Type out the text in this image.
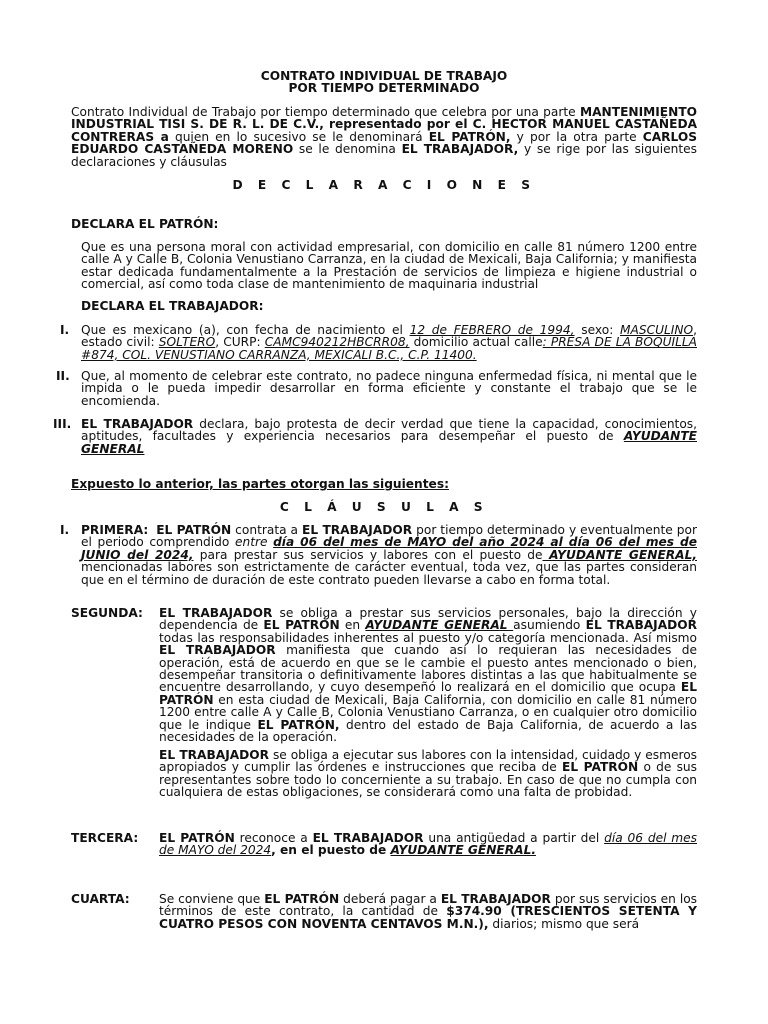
CONTRATO INDIVIDUAL DE TRABAJO
POR TIEMPO DETERMINADO
Contrato Individual de Trabajo por tiempo determinado que celebra por una parte MANTENIMIENTO INDUSTRIAL TISI S. DE R. L. DE C.V., representado por el C. HECTOR MANUEL CASTAÑEDA CONTRERAS a quien en lo sucesivo se le denominará EL PATRÓN, y por la otra parte CARLOS EDUARDO CASTAÑEDA MORENO se le denomina EL TRABAJADOR, y se rige por las siguientes declaraciones y cláusulas
D E C L A R A C I O N E S
DECLARA EL PATRÓN:
Que es una persona moral con actividad empresarial, con domicilio en calle 81 número 1200 entre calle A y Calle B, Colonia Venustiano Carranza, en la ciudad de Mexicali, Baja California; y manifiesta estar dedicada fundamentalmente a la Prestación de servicios de limpieza e higiene industrial o comercial, así como toda clase de mantenimiento de maquinaria industrial
DECLARA EL TRABAJADOR:
I. Que es mexicano (a), con fecha de nacimiento el 12 de FEBRERO de 1994, sexo: MASCULINO, estado civil: SOLTERO, CURP: CAMC940212HBCRR08, domicilio actual calle: PRESA DE LA BOQUILLA #874, COL. VENUSTIANO CARRANZA, MEXICALI B.C., C.P. 11400.
II. Que, al momento de celebrar este contrato, no padece ninguna enfermedad física, ni mental que le impida o le pueda impedir desarrollar en forma eficiente y constante el trabajo que se le encomienda.
III. EL TRABAJADOR declara, bajo protesta de decir verdad que tiene la capacidad, conocimientos, aptitudes, facultades y experiencia necesarios para desempeñar el puesto de AYUDANTE GENERAL
Expuesto lo anterior, las partes otorgan las siguientes:
C L Á U S U L A S
I. PRIMERA: EL PATRÓN contrata a EL TRABAJADOR por tiempo determinado y eventualmente por el periodo comprendido entre día 06 del mes de MAYO del año 2024 al día 06 del mes de JUNIO del 2024, para prestar sus servicios y labores con el puesto de AYUDANTE GENERAL, mencionadas labores son estrictamente de carácter eventual, toda vez, que las partes consideran que en el término de duración de este contrato pueden llevarse a cabo en forma total.
SEGUNDA: EL TRABAJADOR se obliga a prestar sus servicios personales, bajo la dirección y dependencia de EL PATRÓN en AYUDANTE GENERAL asumiendo EL TRABAJADOR todas las responsabilidades inherentes al puesto y/o categoría mencionada. Así mismo EL TRABAJADOR manifiesta que cuando así lo requieran las necesidades de operación, está de acuerdo en que se le cambie el puesto antes mencionado o bien, desempeñar transitoria o definitivamente labores distintas a las que habitualmente se encuentre desarrollando, y cuyo desempeñó lo realizará en el domicilio que ocupa EL PATRÓN en esta ciudad de Mexicali, Baja California, con domicilio en calle 81 número 1200 entre calle A y Calle B, Colonia Venustiano Carranza, o en cualquier otro domicilio que le indique EL PATRÓN, dentro del estado de Baja California, de acuerdo a las necesidades de la operación.
EL TRABAJADOR se obliga a ejecutar sus labores con la intensidad, cuidado y esmeros apropiados y cumplir las órdenes e instrucciones que reciba de EL PATRÓN o de sus representantes sobre todo lo concerniente a su trabajo. En caso de que no cumpla con cualquiera de estas obligaciones, se considerará como una falta de probidad.
TERCERA: EL PATRÓN reconoce a EL TRABAJADOR una antigüedad a partir del día 06 del mes de MAYO del 2024, en el puesto de AYUDANTE GENERAL.
CUARTA: Se conviene que EL PATRÓN deberá pagar a EL TRABAJADOR por sus servicios en los términos de este contrato, la cantidad de $374.90 (TRESCIENTOS SETENTA Y CUATRO PESOS CON NOVENTA CENTAVOS M.N.), diarios; mismo que será
